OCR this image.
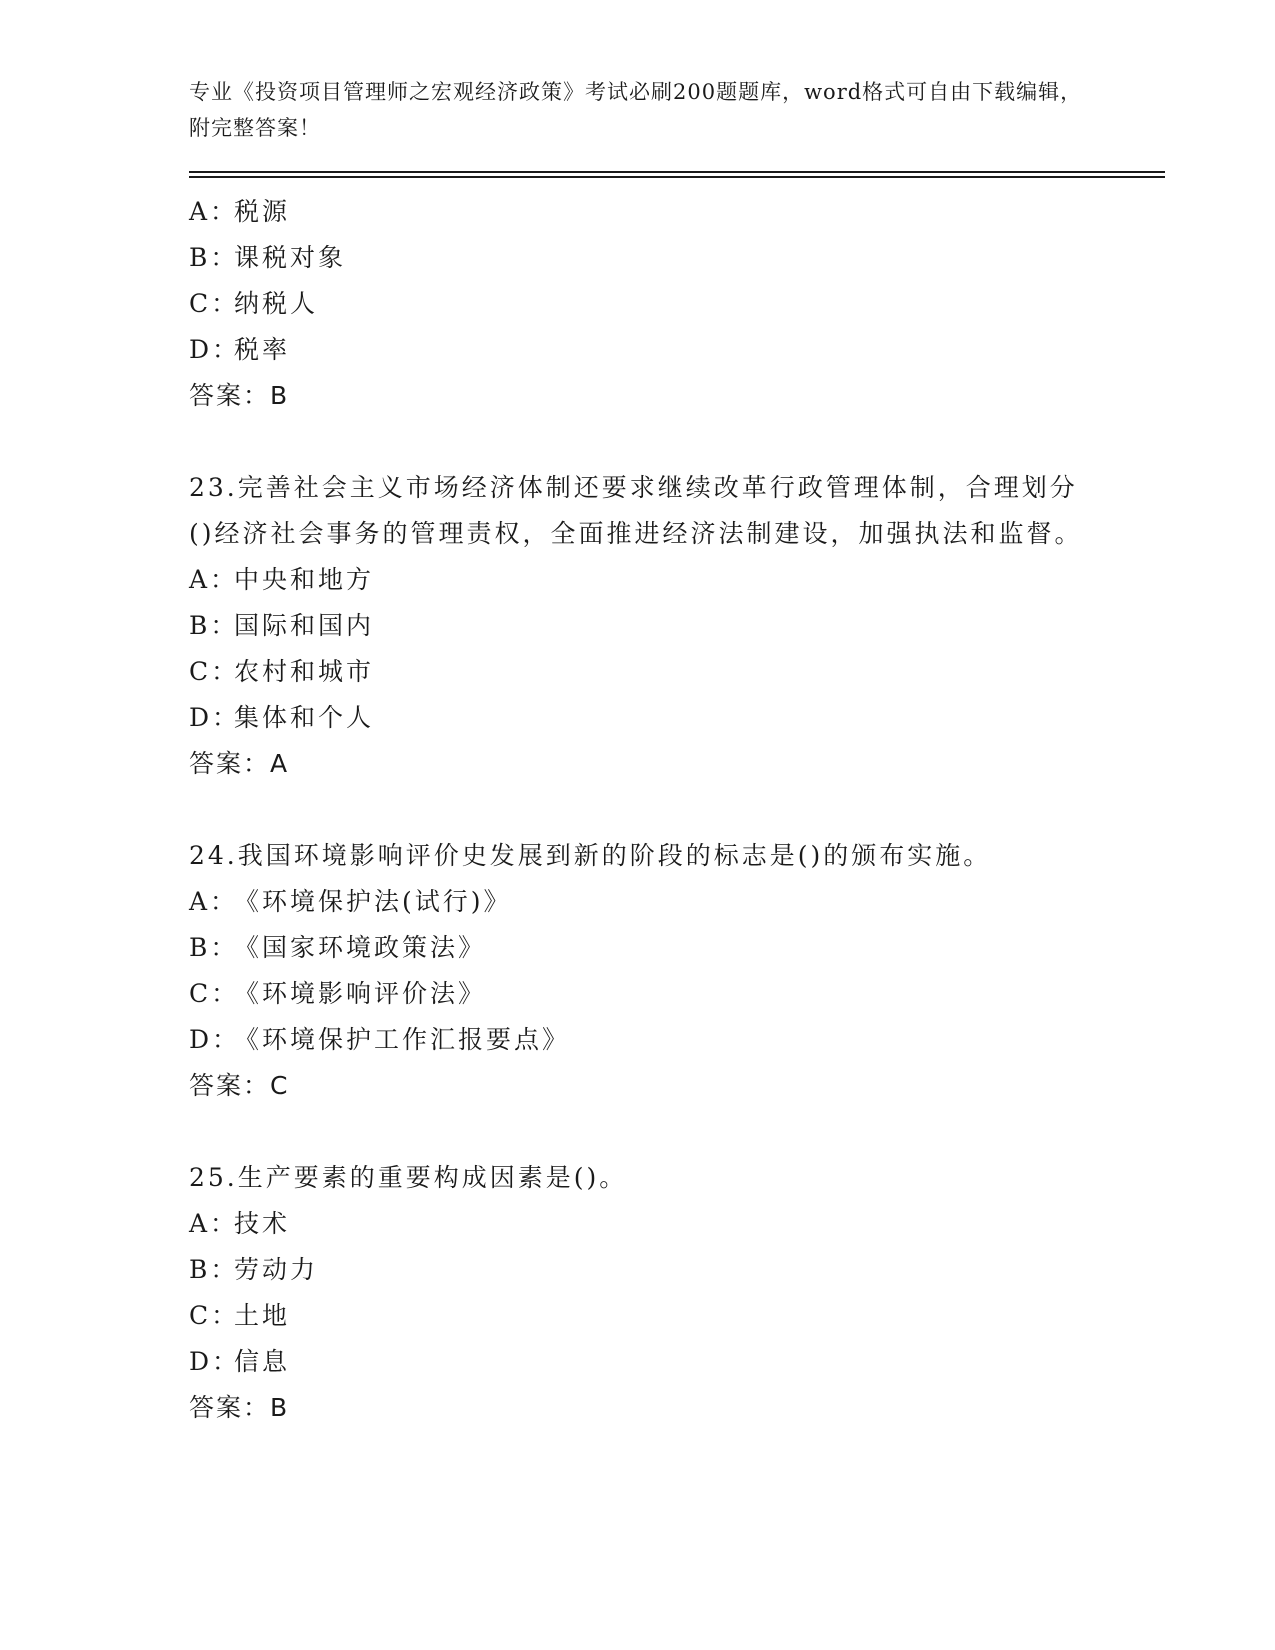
专业《投资项目管理师之宏观经济政策》考试必刷200题题库，word格式可自由下载编辑，附完整答案！
A：税源
B：课税对象
C：纳税人
D：税率
答案：B
23.完善社会主义市场经济体制还要求继续改革行政管理体制，合理划分()经济社会事务的管理责权，全面推进经济法制建设，加强执法和监督。
A：中央和地方
B：国际和国内
C：农村和城市
D：集体和个人
答案：A
24.我国环境影响评价史发展到新的阶段的标志是()的颁布实施。
A：《环境保护法(试行)》
B：《国家环境政策法》
C：《环境影响评价法》
D：《环境保护工作汇报要点》
答案：C
25.生产要素的重要构成因素是()。
A：技术
B：劳动力
C：土地
D：信息
答案：B
